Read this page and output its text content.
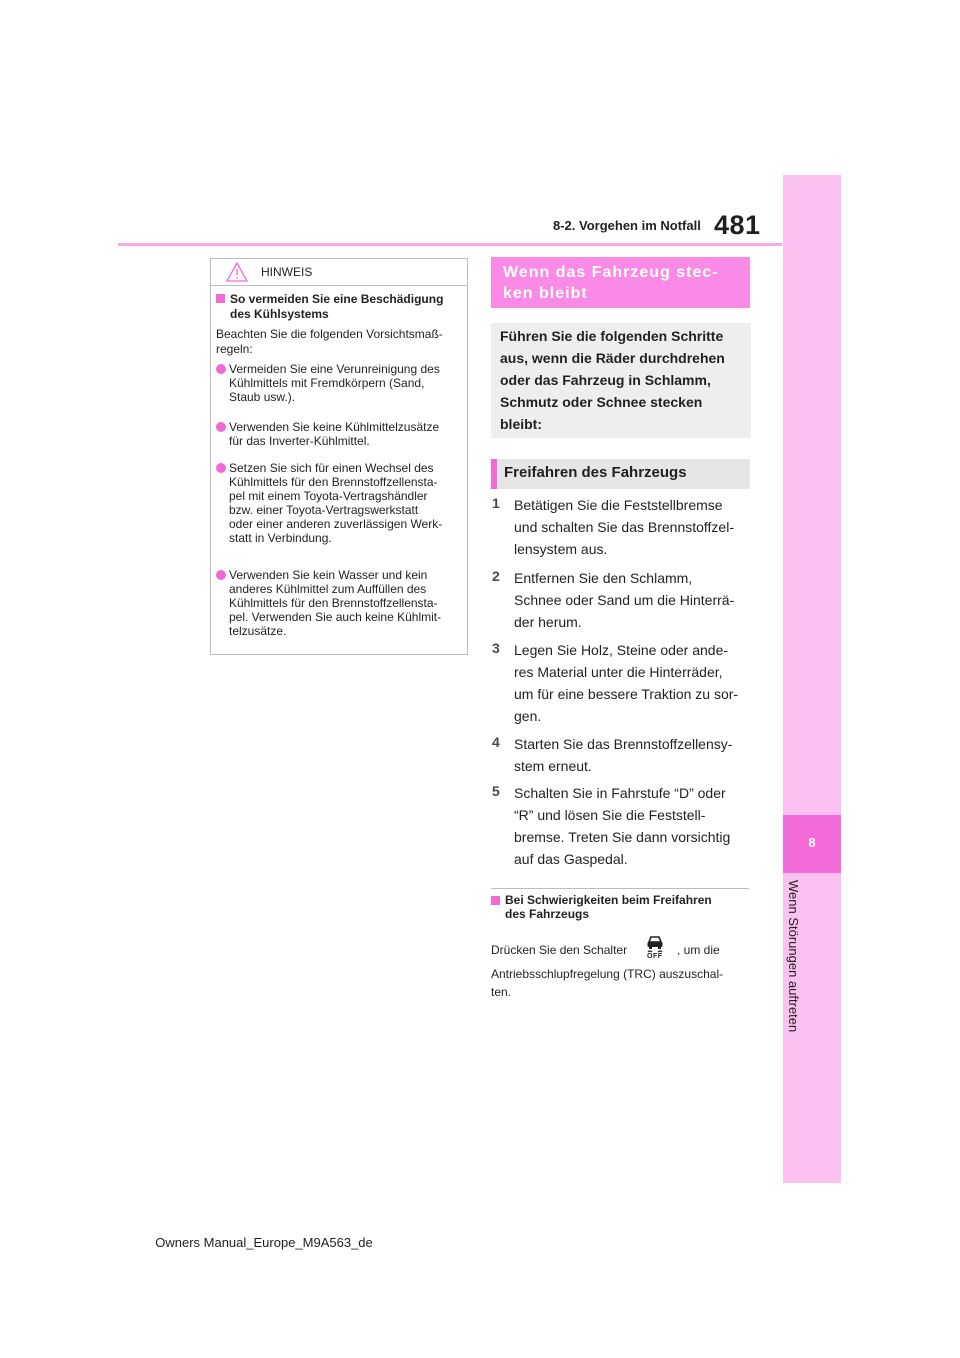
8-2. Vorgehen im Notfall 481
8
Wenn Störungen auftreten
HINWEIS
So vermeiden Sie eine Beschädigung
des Kühlsystems
Beachten Sie die folgenden Vorsichtsmaß-
regeln:
Vermeiden Sie eine Verunreinigung des
Kühlmittels mit Fremdkörpern (Sand,
Staub usw.).
Verwenden Sie keine Kühlmittelzusätze
für das Inverter-Kühlmittel.
Setzen Sie sich für einen Wechsel des
Kühlmittels für den Brennstoffzellensta-
pel mit einem Toyota-Vertragshändler
bzw. einer Toyota-Vertragswerkstatt
oder einer anderen zuverlässigen Werk-
statt in Verbindung.
Verwenden Sie kein Wasser und kein
anderes Kühlmittel zum Auffüllen des
Kühlmittels für den Brennstoffzellensta-
pel. Verwenden Sie auch keine Kühlmit-
telzusätze.
Wenn das Fahrzeug stec-
ken bleibt
Führen Sie die folgenden Schritte
aus, wenn die Räder durchdrehen
oder das Fahrzeug in Schlamm,
Schmutz oder Schnee stecken
bleibt:
Freifahren des Fahrzeugs
1 Betätigen Sie die Feststellbremse
und schalten Sie das Brennstoffzel-
lensystem aus.
2 Entfernen Sie den Schlamm,
Schnee oder Sand um die Hinterrä-
der herum.
3 Legen Sie Holz, Steine oder ande-
res Material unter die Hinterräder,
um für eine bessere Traktion zu sor-
gen.
4 Starten Sie das Brennstoffzellensy-
stem erneut.
5 Schalten Sie in Fahrstufe “D” oder
“R” und lösen Sie die Feststell-
bremse. Treten Sie dann vorsichtig
auf das Gaspedal.
Bei Schwierigkeiten beim Freifahren
des Fahrzeugs
Drücken Sie den Schalter	OFF , um die
Antriebsschlupfregelung (TRC) auszuschal-
ten.
Owners Manual_Europe_M9A563_de
